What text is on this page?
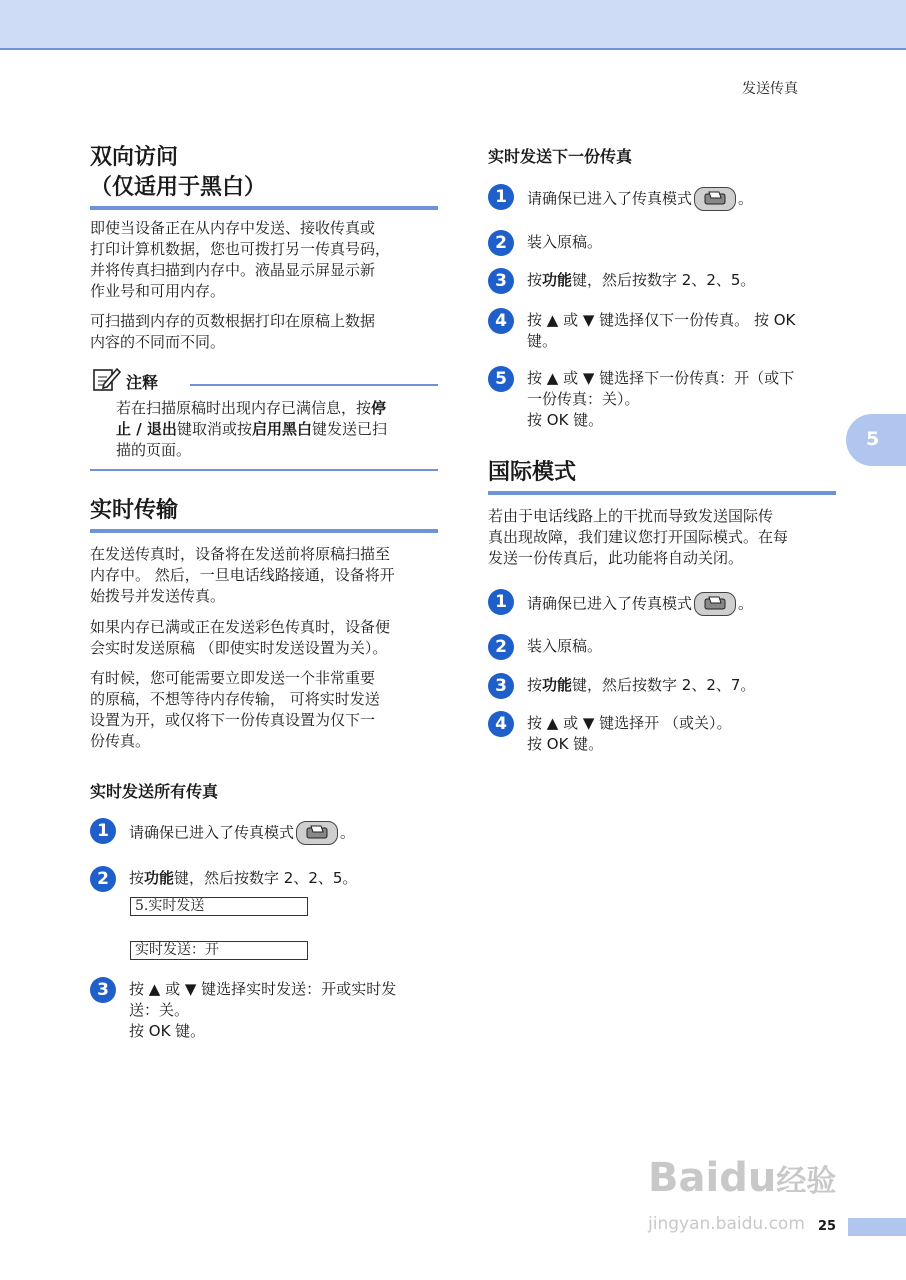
发送传真
双向访问
（仅适用于黑白）

即使当设备正在从内存中发送、接收传真或
打印计算机数据，您也可拨打另一传真号码，
并将传真扫描到内存中。液晶显示屏显示新
作业号和可用内存。

可扫描到内存的页数根据打印在原稿上数据
内容的不同而不同。

注释

若在扫描原稿时出现内存已满信息，按停
止 / 退出键取消或按启用黑白键发送已扫
描的页面。

实时传输

在发送传真时，设备将在发送前将原稿扫描至
内存中。 然后，一旦电话线路接通，设备将开
始拨号并发送传真。

如果内存已满或正在发送彩色传真时，设备便
会实时发送原稿 （即使实时发送设置为关）。

有时候，您可能需要立即发送一个非常重要
的原稿，不想等待内存传输， 可将实时发送
设置为开，或仅将下一份传真设置为仅下一
份传真。

实时发送所有传真
1	请确保已进入了传真模式	。
2	按功能键，然后按数字 2、2、5。
5.实时发送
实时发送：开
3	按 ▲ 或 ▼ 键选择实时发送：开或实时发
送：关。
按 OK 键。
实时发送下一份传真
1	请确保已进入了传真模式	。
2	装入原稿。
3	按功能键，然后按数字 2、2、5。
4	按 ▲ 或 ▼ 键选择仅下一份传真。 按 OK
键。
5	按 ▲ 或 ▼ 键选择下一份传真：开（或下
一份传真：关）。
按 OK 键。
国际模式

若由于电话线路上的干扰而导致发送国际传
真出现故障，我们建议您打开国际模式。在每
发送一份传真后，此功能将自动关闭。

1	请确保已进入了传真模式	。
2	装入原稿。
3	按功能键，然后按数字 2、2、7。
4	按 ▲ 或 ▼ 键选择开 （或关）。
按 OK 键。
5
Baidu经验
jingyan.baidu.com 25
